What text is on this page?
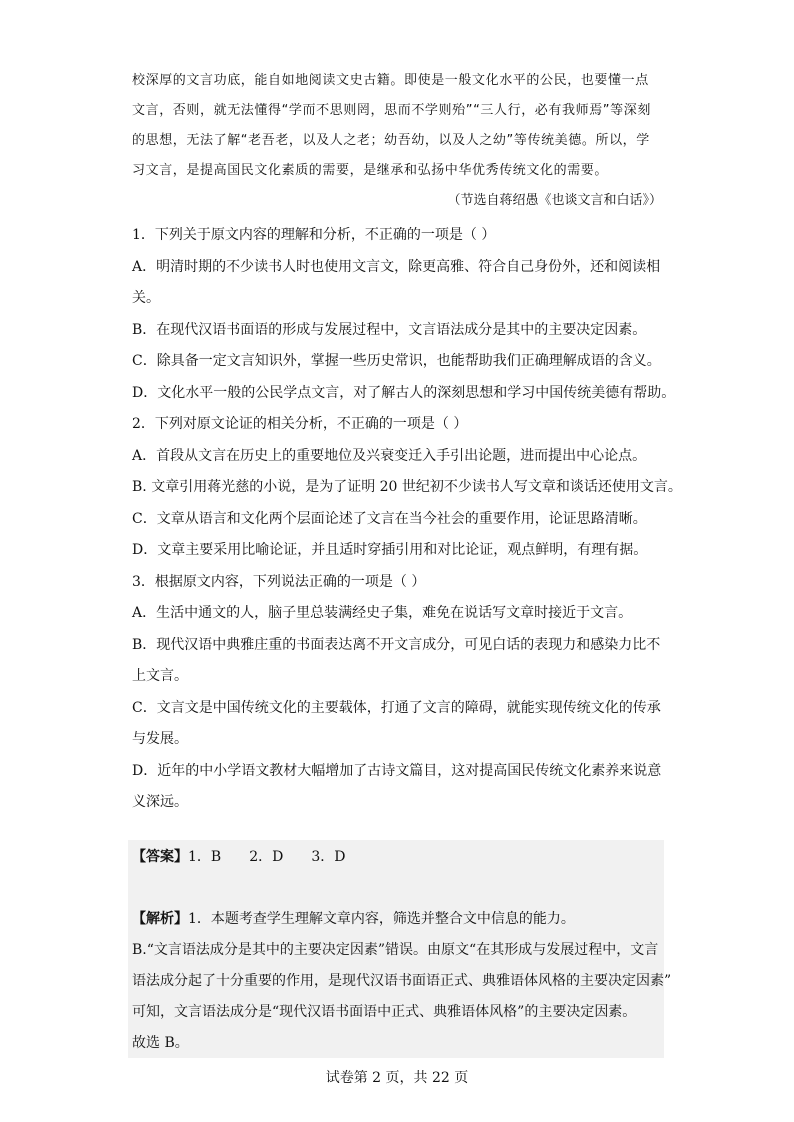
校深厚的文言功底，能自如地阅读文史古籍。即使是一般文化水平的公民，也要懂一点
文言，否则，就无法懂得“学而不思则罔，思而不学则殆”“三人行，必有我师焉”等深刻
的思想，无法了解“老吾老，以及人之老；幼吾幼，以及人之幼”等传统美德。所以，学
习文言，是提高国民文化素质的需要，是继承和弘扬中华优秀传统文化的需要。
（节选自蒋绍愚《也谈文言和白话》）
1．下列关于原文内容的理解和分析，不正确的一项是（ ）
A．明清时期的不少读书人时也使用文言文，除更高雅、符合自己身份外，还和阅读相
关。
B．在现代汉语书面语的形成与发展过程中，文言语法成分是其中的主要决定因素。
C．除具备一定文言知识外，掌握一些历史常识，也能帮助我们正确理解成语的含义。
D．文化水平一般的公民学点文言，对了解古人的深刻思想和学习中国传统美德有帮助。
2．下列对原文论证的相关分析，不正确的一项是（ ）
A．首段从文言在历史上的重要地位及兴衰变迁入手引出论题，进而提出中心论点。
B. 文章引用蒋光慈的小说，是为了证明 20 世纪初不少读书人写文章和谈话还使用文言。
C．文章从语言和文化两个层面论述了文言在当今社会的重要作用，论证思路清晰。
D．文章主要采用比喻论证，并且适时穿插引用和对比论证，观点鲜明，有理有据。
3．根据原文内容，下列说法正确的一项是（ ）
A．生活中通文的人，脑子里总装满经史子集，难免在说话写文章时接近于文言。
B．现代汉语中典雅庄重的书面表达离不开文言成分，可见白话的表现力和感染力比不
上文言。
C．文言文是中国传统文化的主要载体，打通了文言的障碍，就能实现传统文化的传承
与发展。
D．近年的中小学语文教材大幅增加了古诗文篇目，这对提高国民传统文化素养来说意
义深远。
【答案】1．B 2．D 3．D
【解析】1．本题考查学生理解文章内容，筛选并整合文中信息的能力。
B.“文言语法成分是其中的主要决定因素”错误。由原文“在其形成与发展过程中，文言
语法成分起了十分重要的作用，是现代汉语书面语正式、典雅语体风格的主要决定因素”
可知，文言语法成分是“现代汉语书面语中正式、典雅语体风格”的主要决定因素。
故选 B。
试卷第 2 页，共 22 页
